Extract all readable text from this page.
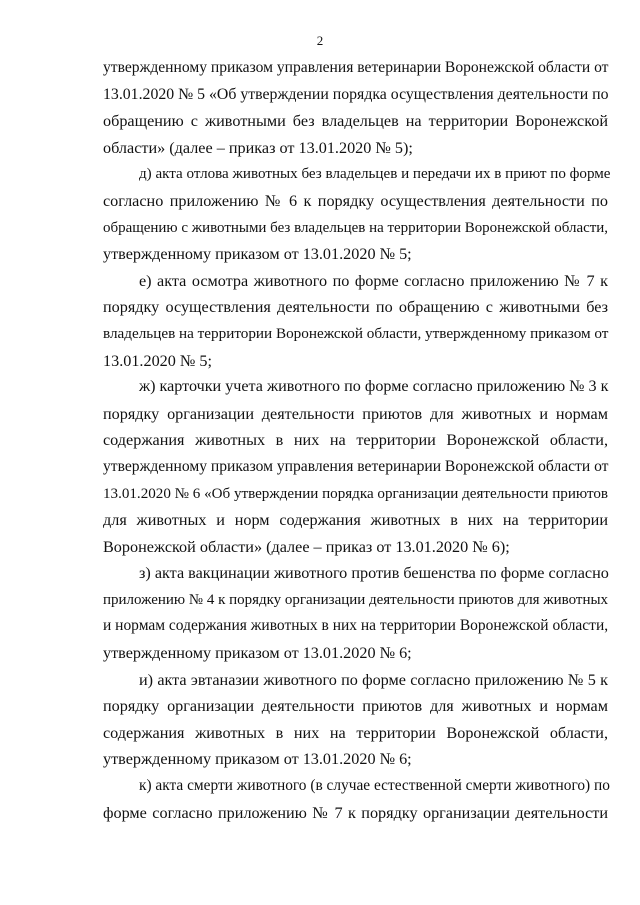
2
утвержденному приказом управления ветеринарии Воронежской области от
13.01.2020 № 5 «Об утверждении порядка осуществления деятельности по
обращению с животными без владельцев на территории Воронежской
области» (далее – приказ от 13.01.2020 № 5);
д) акта отлова животных без владельцев и передачи их в приют по форме
согласно приложению № 6 к порядку осуществления деятельности по
обращению с животными без владельцев на территории Воронежской области,
утвержденному приказом от 13.01.2020 № 5;
е) акта осмотра животного по форме согласно приложению № 7 к
порядку осуществления деятельности по обращению с животными без
владельцев на территории Воронежской области, утвержденному приказом от
13.01.2020 № 5;
ж) карточки учета животного по форме согласно приложению № 3 к
порядку организации деятельности приютов для животных и нормам
содержания животных в них на территории Воронежской области,
утвержденному приказом управления ветеринарии Воронежской области от
13.01.2020 № 6 «Об утверждении порядка организации деятельности приютов
для животных и норм содержания животных в них на территории
Воронежской области» (далее – приказ от 13.01.2020 № 6);
з) акта вакцинации животного против бешенства по форме согласно
приложению № 4 к порядку организации деятельности приютов для животных
и нормам содержания животных в них на территории Воронежской области,
утвержденному приказом от 13.01.2020 № 6;
и) акта эвтаназии животного по форме согласно приложению № 5 к
порядку организации деятельности приютов для животных и нормам
содержания животных в них на территории Воронежской области,
утвержденному приказом от 13.01.2020 № 6;
к) акта смерти животного (в случае естественной смерти животного) по
форме согласно приложению № 7 к порядку организации деятельности
